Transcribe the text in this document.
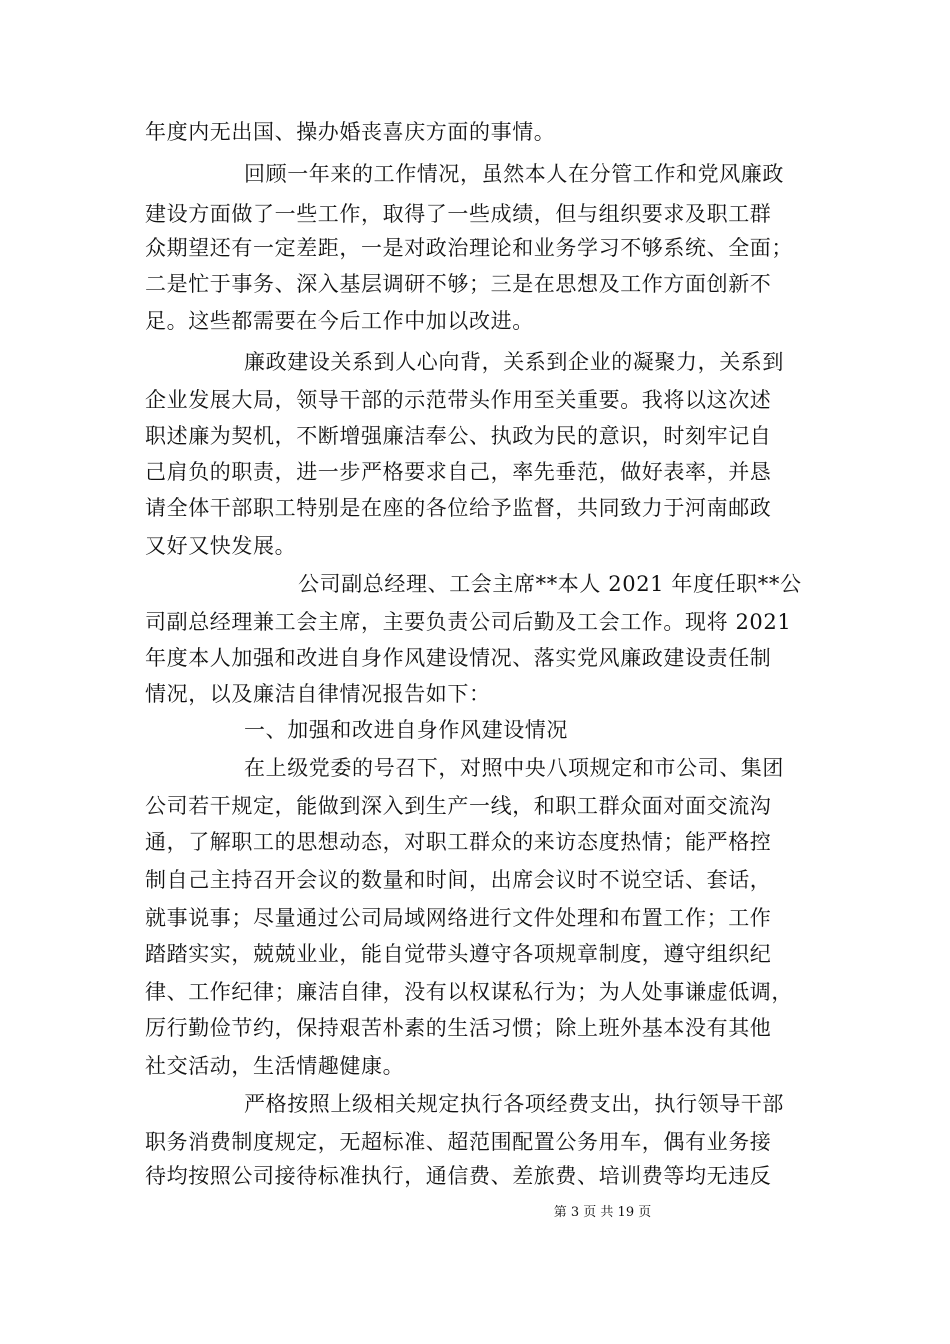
年度内无出国、操办婚丧喜庆方面的事情。
回顾一年来的工作情况，虽然本人在分管工作和党风廉政
建设方面做了一些工作，取得了一些成绩，但与组织要求及职工群
众期望还有一定差距，一是对政治理论和业务学习不够系统、全面；
二是忙于事务、深入基层调研不够；三是在思想及工作方面创新不
足。这些都需要在今后工作中加以改进。
廉政建设关系到人心向背，关系到企业的凝聚力，关系到
企业发展大局，领导干部的示范带头作用至关重要。我将以这次述
职述廉为契机，不断增强廉洁奉公、执政为民的意识，时刻牢记自
己肩负的职责，进一步严格要求自己，率先垂范，做好表率，并恳
请全体干部职工特别是在座的各位给予监督，共同致力于河南邮政
又好又快发展。
公司副总经理、工会主席**本人 2021 年度任职**公
司副总经理兼工会主席，主要负责公司后勤及工会工作。现将 2021
年度本人加强和改进自身作风建设情况、落实党风廉政建设责任制
情况，以及廉洁自律情况报告如下：
一、加强和改进自身作风建设情况
在上级党委的号召下，对照中央八项规定和市公司、集团
公司若干规定，能做到深入到生产一线，和职工群众面对面交流沟
通，了解职工的思想动态，对职工群众的来访态度热情；能严格控
制自己主持召开会议的数量和时间，出席会议时不说空话、套话，
就事说事；尽量通过公司局域网络进行文件处理和布置工作；工作
踏踏实实，兢兢业业，能自觉带头遵守各项规章制度，遵守组织纪
律、工作纪律；廉洁自律，没有以权谋私行为；为人处事谦虚低调，
厉行勤俭节约，保持艰苦朴素的生活习惯；除上班外基本没有其他
社交活动，生活情趣健康。
严格按照上级相关规定执行各项经费支出，执行领导干部
职务消费制度规定，无超标准、超范围配置公务用车，偶有业务接
待均按照公司接待标准执行，通信费、差旅费、培训费等均无违反
第 3 页 共 19 页
